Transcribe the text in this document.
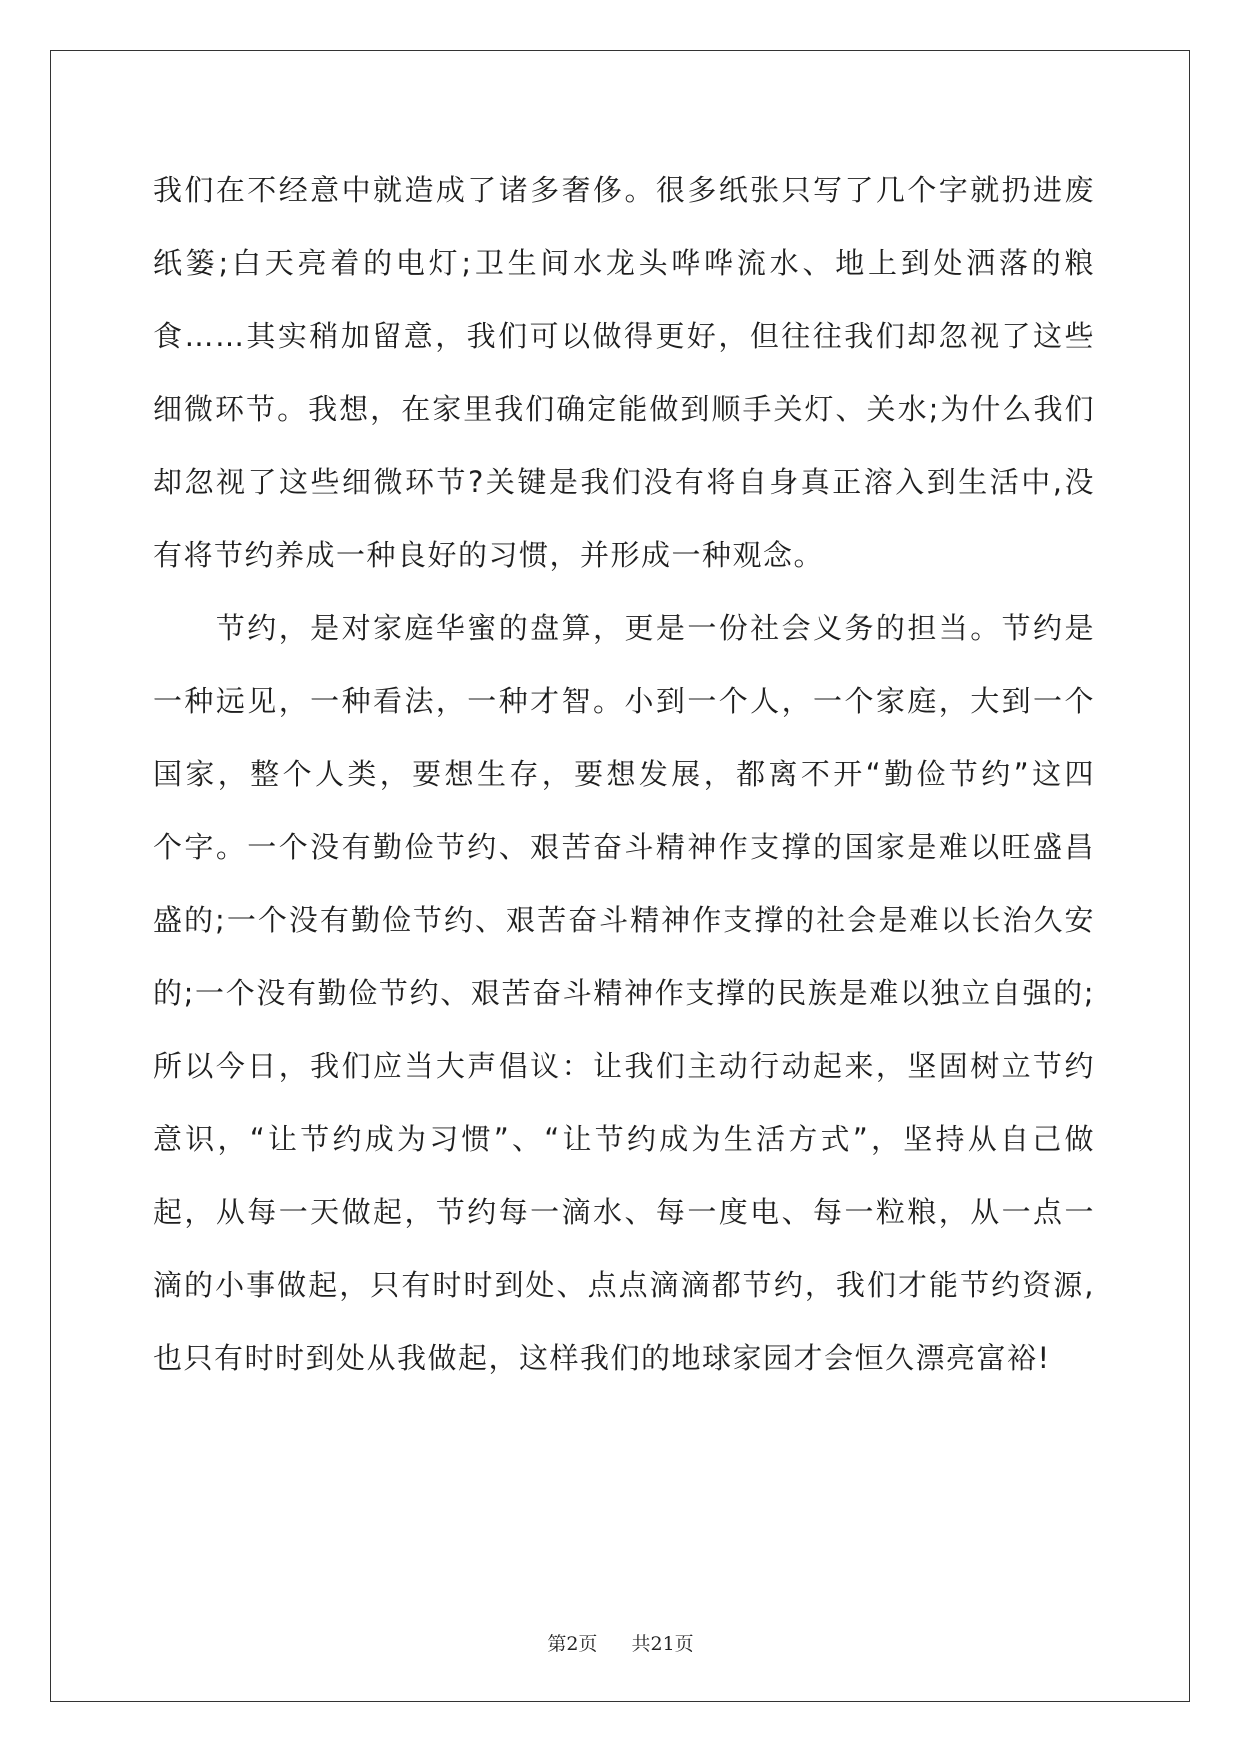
我们在不经意中就造成了诸多奢侈。很多纸张只写了几个字就扔进废
纸篓;白天亮着的电灯;卫生间水龙头哗哗流水、地上到处洒落的粮
食……其实稍加留意，我们可以做得更好，但往往我们却忽视了这些
细微环节。我想，在家里我们确定能做到顺手关灯、关水;为什么我们
却忽视了这些细微环节?关键是我们没有将自身真正溶入到生活中,没
有将节约养成一种良好的习惯，并形成一种观念。
　　节约，是对家庭华蜜的盘算，更是一份社会义务的担当。节约是
一种远见，一种看法，一种才智。小到一个人，一个家庭，大到一个
国家，整个人类，要想生存，要想发展，都离不开“勤俭节约”这四
个字。一个没有勤俭节约、艰苦奋斗精神作支撑的国家是难以旺盛昌
盛的;一个没有勤俭节约、艰苦奋斗精神作支撑的社会是难以长治久安
的;一个没有勤俭节约、艰苦奋斗精神作支撑的民族是难以独立自强的;
所以今日，我们应当大声倡议：让我们主动行动起来，坚固树立节约
意识，“让节约成为习惯”、“让节约成为生活方式”，坚持从自己做
起，从每一天做起，节约每一滴水、每一度电、每一粒粮，从一点一
滴的小事做起，只有时时到处、点点滴滴都节约，我们才能节约资源,
也只有时时到处从我做起，这样我们的地球家园才会恒久漂亮富裕!
第2页 共21页
